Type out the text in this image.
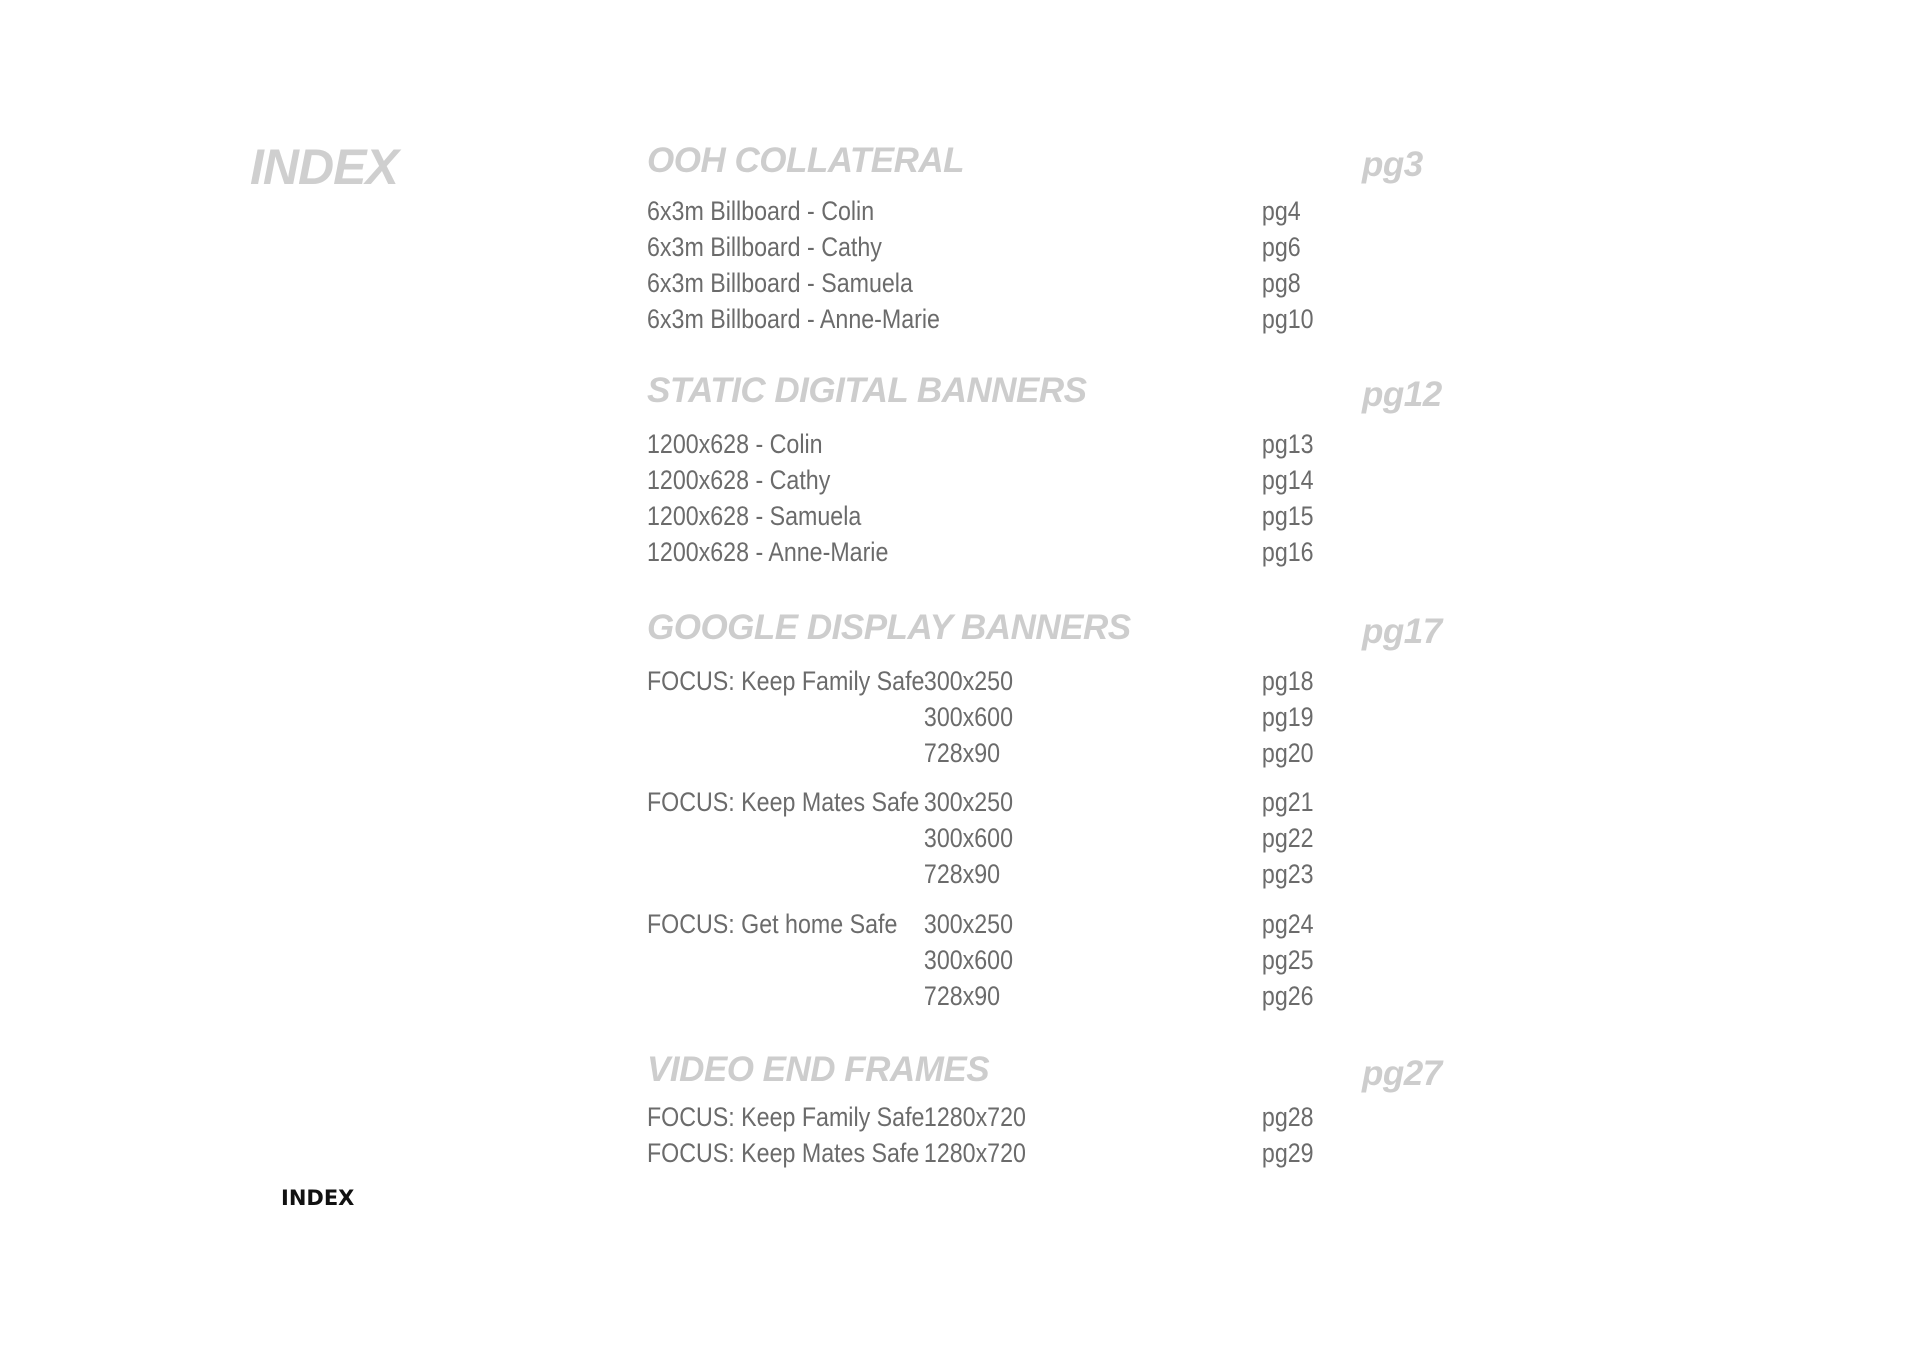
INDEX	OOH COLLATERAL	pg3
6x3m Billboard - Colin	pg4
6x3m Billboard - Cathy	pg6
6x3m Billboard - Samuela	pg8
6x3m Billboard - Anne-Marie	pg10
STATIC DIGITAL BANNERS	pg12
1200x628 - Colin	pg13
1200x628 - Cathy	pg14
1200x628 - Samuela	pg15
1200x628 - Anne-Marie	pg16
GOOGLE DISPLAY BANNERS	pg17
FOCUS: Keep Family Safe 300x250	pg18
300x600	pg19
728x90	pg20
FOCUS: Keep Mates Safe 300x250	pg21
300x600	pg22
728x90	pg23
FOCUS: Get home Safe 300x250	pg24
300x600	pg25
728x90	pg26
VIDEO END FRAMES	pg27
FOCUS: Keep Family Safe 1280x720	pg28
FOCUS: Keep Mates Safe 1280x720	pg29
INDEX
